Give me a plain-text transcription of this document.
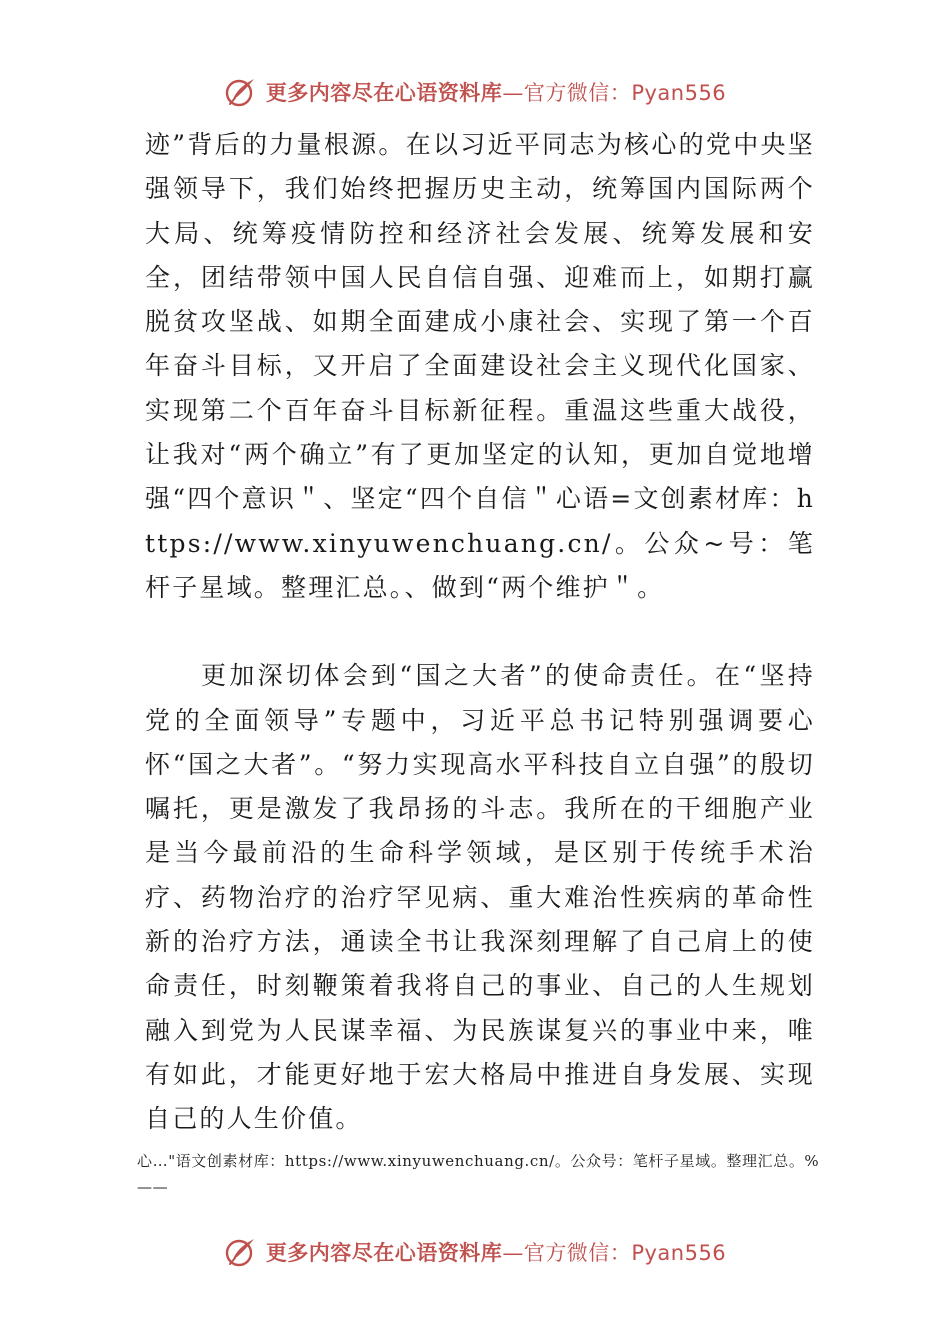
更多内容尽在心语资料库—官方微信：Pyan556

迹”背后的力量根源。在以习近平同志为核心的党中央坚强领导下，我们始终把握历史主动，统筹国内国际两个大局、统筹疫情防控和经济社会发展、统筹发展和安全，团结带领中国人民自信自强、迎难而上，如期打赢脱贫攻坚战、如期全面建成小康社会、实现了第一个百年奋斗目标，又开启了全面建设社会主义现代化国家、实现第二个百年奋斗目标新征程。重温这些重大战役，让我对“两个确立”有了更加坚定的认知，更加自觉地增强“四个意识＂、坚定“四个自信＂心语=文创素材库：https://www.xinyuwenchuang.cn/。公众~号：笔杆子星域。整理汇总。、做到“两个维护＂。

更加深切体会到“国之大者”的使命责任。在“坚持党的全面领导”专题中，习近平总书记特别强调要心怀“国之大者”。“努力实现高水平科技自立自强”的殷切嘱托，更是激发了我昂扬的斗志。我所在的干细胞产业是当今最前沿的生命科学领域，是区别于传统手术治疗、药物治疗的治疗罕见病、重大难治性疾病的革命性新的治疗方法，通读全书让我深刻理解了自己肩上的使命责任，时刻鞭策着我将自己的事业、自己的人生规划融入到党为人民谋幸福、为民族谋复兴的事业中来，唯有如此，才能更好地于宏大格局中推进自身发展、实现自己的人生价值。

心…"语文创素材库：https://www.xinyuwenchuang.cn/。公众号：笔杆子星域。整理汇总。%——
更多内容尽在心语资料库—官方微信：Pyan556
